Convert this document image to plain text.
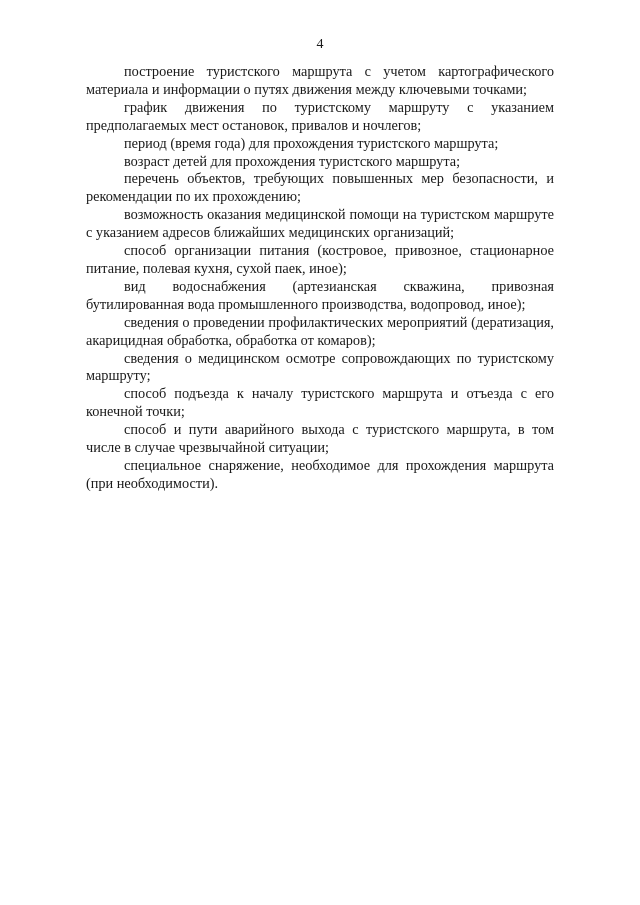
4

построение туристского маршрута с учетом картографического материала и информации о путях движения между ключевыми точками;

график движения по туристскому маршруту с указанием предполагаемых мест остановок, привалов и ночлегов;

период (время года) для прохождения туристского маршрута;

возраст детей для прохождения туристского маршрута;

перечень объектов, требующих повышенных мер безопасности, и рекомендации по их прохождению;

возможность оказания медицинской помощи на туристском маршруте с указанием адресов ближайших медицинских организаций;

способ организации питания (костровое, привозное, стационарное питание, полевая кухня, сухой паек, иное);

вид водоснабжения (артезианская скважина, привозная бутилированная вода промышленного производства, водопровод, иное);

сведения о проведении профилактических мероприятий (дератизация, акарицидная обработка, обработка от комаров);

сведения о медицинском осмотре сопровождающих по туристскому маршруту;

способ подъезда к началу туристского маршрута и отъезда с его конечной точки;

способ и пути аварийного выхода с туристского маршрута, в том числе в случае чрезвычайной ситуации;

специальное снаряжение, необходимое для прохождения маршрута (при необходимости).
